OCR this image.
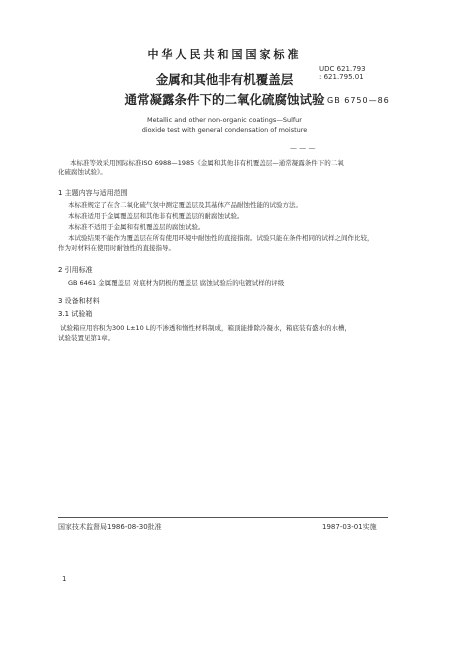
中华人民共和国国家标准
UDC 621.793
: 621.795.01
GB 6750—86
金属和其他非有机覆盖层
通常凝露条件下的二氧化硫腐蚀试验
Metallic and other non-organic coatings—Sulfur
dioxide test with general condensation of moisture
— — —
本标准等效采用国际标准ISO 6988—1985《金属和其他非有机覆盖层—通常凝露条件下的二氧
化硫腐蚀试验》。
1 主题内容与适用范围
本标准规定了在含二氧化硫气氛中测定覆盖层及其基体产品耐蚀性能的试验方法。
本标准适用于金属覆盖层和其他非有机覆盖层的耐腐蚀试验。
本标准不适用于金属和有机覆盖层的腐蚀试验。
本试验结果不能作为覆盖层在所有使用环境中耐蚀性的直接指南。试验只能在条件相同的试样之间作比较，
作为对材料在使用时耐蚀性的直接指导。
2 引用标准
GB 6461 金属覆盖层 对底材为阴极的覆盖层 腐蚀试验后的电镀试样的评级
3 设备和材料
3.1 试验箱
试验箱应用容积为300 L±10 L的不渗透和惰性材料制成，箱顶能排除冷凝水，箱底装有盛水的水槽，
试验装置见第1章。
国家技术监督局1986-08-30批准	1987-03-01实施
1
